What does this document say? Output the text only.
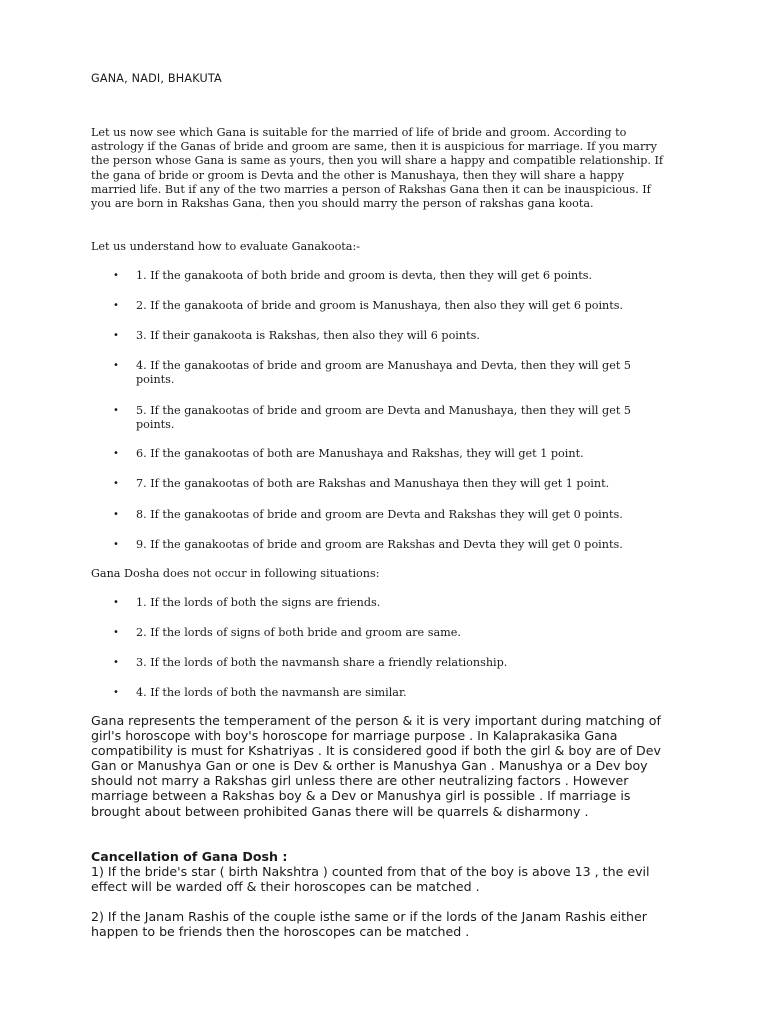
GANA, NADI, BHAKUTA

Let us now see which Gana is suitable for the married of life of bride and groom. According to astrology if the Ganas of bride and groom are same, then it is auspicious for marriage. If you marry the person whose Gana is same as yours, then you will share a happy and compatible relationship. If the gana of bride or groom is Devta and the other is Manushaya, then they will share a happy married life. But if any of the two marries a person of Rakshas Gana then it can be inauspicious. If you are born in Rakshas Gana, then you should marry the person of rakshas gana koota.

Let us understand how to evaluate Ganakoota:-

• 1. If the ganakoota of both bride and groom is devta, then they will get 6 points.
• 2. If the ganakoota of bride and groom is Manushaya, then also they will get 6 points.
• 3. If their ganakoota is Rakshas, then also they will 6 points.
• 4. If the ganakootas of bride and groom are Manushaya and Devta, then they will get 5 points.
• 5. If the ganakootas of bride and groom are Devta and Manushaya, then they will get 5 points.
• 6. If the ganakootas of both are Manushaya and Rakshas, they will get 1 point.
• 7. If the ganakootas of both are Rakshas and Manushaya then they will get 1 point.
• 8. If the ganakootas of bride and groom are Devta and Rakshas they will get 0 points.
• 9. If the ganakootas of bride and groom are Rakshas and Devta they will get 0 points.

Gana Dosha does not occur in following situations:

• 1. If the lords of both the signs are friends.
• 2. If the lords of signs of both bride and groom are same.
• 3. If the lords of both the navmansh share a friendly relationship.
• 4. If the lords of both the navmansh are similar.

Gana represents the temperament of the person & it is very important during matching of girl's horoscope with boy's horoscope for marriage purpose . In Kalaprakasika Gana compatibility is must for Kshatriyas . It is considered good if both the girl & boy are of Dev Gan or Manushya Gan or one is Dev & orther is Manushya Gan . Manushya or a Dev boy should not marry a Rakshas girl unless there are other neutralizing factors . However marriage between a Rakshas boy & a Dev or Manushya girl is possible . If marriage is brought about between prohibited Ganas there will be quarrels & disharmony .

Cancellation of Gana Dosh :

1) If the bride's star ( birth Nakshtra ) counted from that of the boy is above 13 , the evil effect will be warded off & their horoscopes can be matched .

2) If the Janam Rashis of the couple isthe same or if the lords of the Janam Rashis either happen to be friends then the horoscopes can be matched .
